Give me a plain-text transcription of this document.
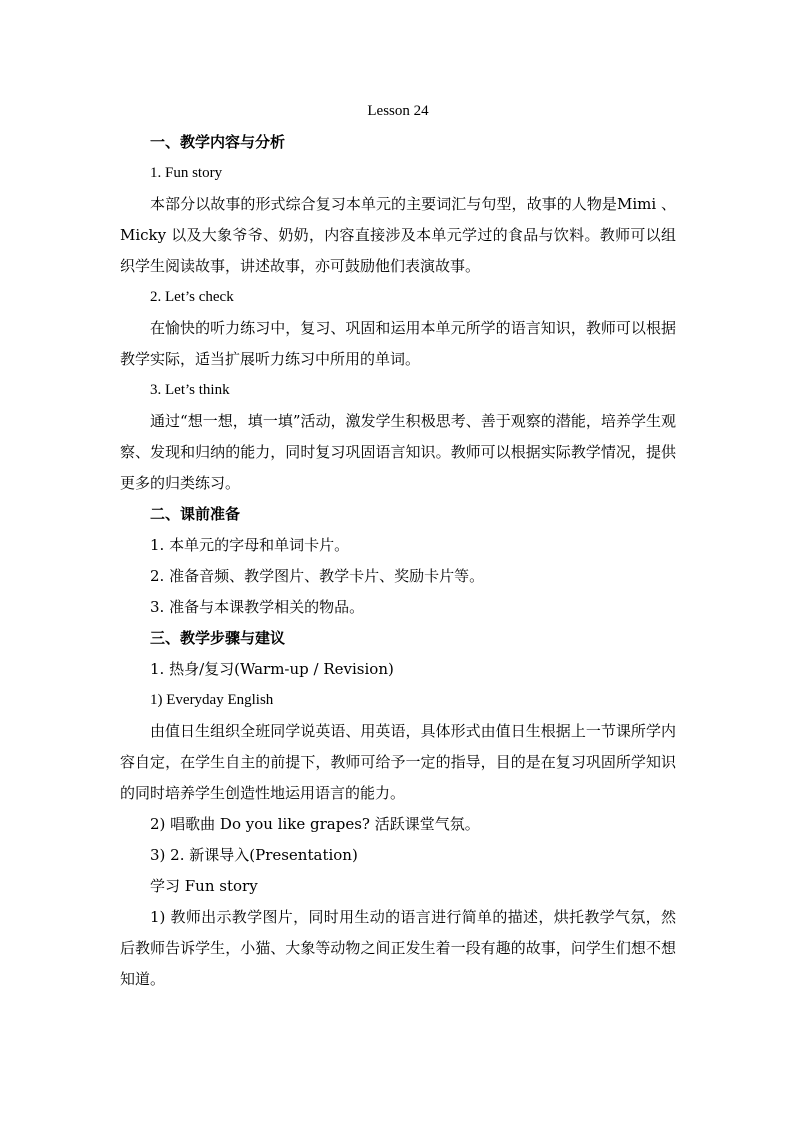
Lesson 24
一、教学内容与分析
1. Fun story

本部分以故事的形式综合复习本单元的主要词汇与句型，故事的人物是Mimi 、Micky 以及大象爷爷、奶奶，内容直接涉及本单元学过的食品与饮料。教师可以组织学生阅读故事，讲述故事，亦可鼓励他们表演故事。

2. Let’s check

在愉快的听力练习中，复习、巩固和运用本单元所学的语言知识，教师可以根据教学实际，适当扩展听力练习中所用的单词。

3. Let’s think

通过“想一想，填一填”活动，激发学生积极思考、善于观察的潜能，培养学生观察、发现和归纳的能力，同时复习巩固语言知识。教师可以根据实际教学情况，提供更多的归类练习。

二、课前准备
1. 本单元的字母和单词卡片。
2. 准备音频、教学图片、教学卡片、奖励卡片等。
3. 准备与本课教学相关的物品。
三、教学步骤与建议
1. 热身/复习(Warm-up / Revision)
1) Everyday English

由值日生组织全班同学说英语、用英语，具体形式由值日生根据上一节课所学内容自定，在学生自主的前提下，教师可给予一定的指导，目的是在复习巩固所学知识的同时培养学生创造性地运用语言的能力。

2) 唱歌曲 Do you like grapes? 活跃课堂气氛。
3) 2. 新课导入(Presentation)
学习 Fun story

1) 教师出示教学图片，同时用生动的语言进行简单的描述，烘托教学气氛，然后教师告诉学生，小猫、大象等动物之间正发生着一段有趣的故事，问学生们想不想知道。
